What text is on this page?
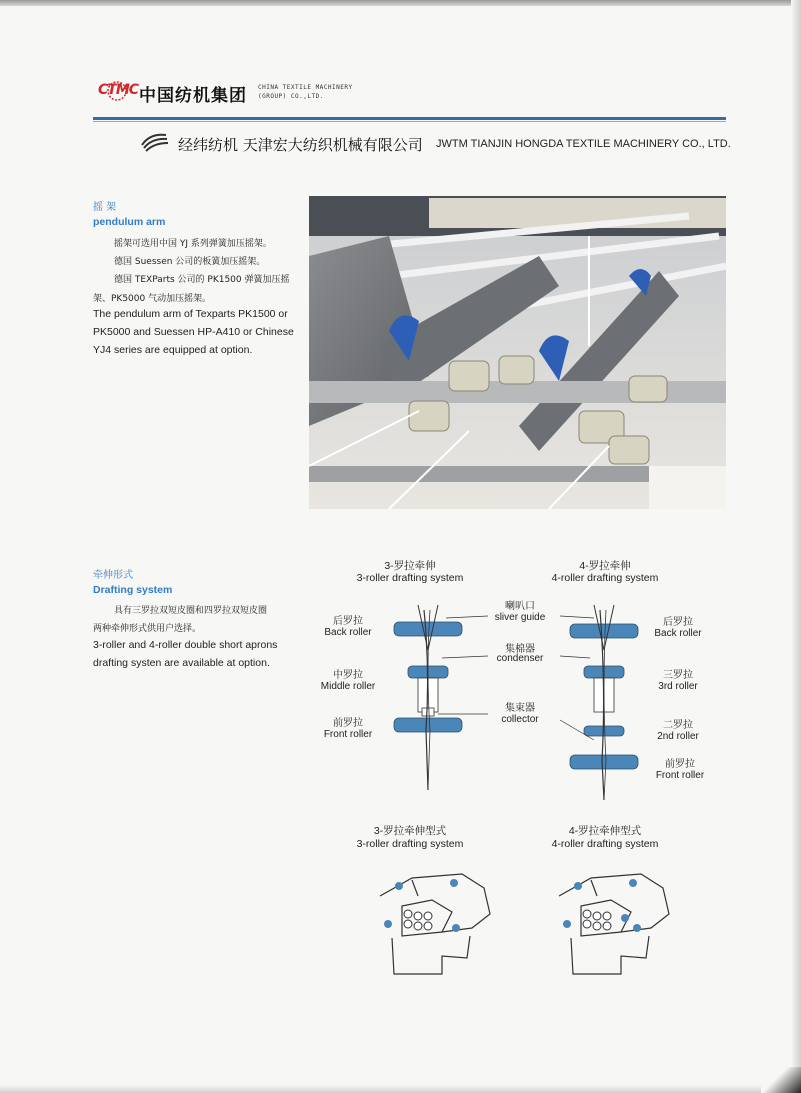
CTMC 中国纺机集团 CHINA TEXTILE MACHINERY
(GROUP) CO.,LTD.
经纬纺机 天津宏大纺织机械有限公司 JWTM TIANJIN HONGDA TEXTILE MACHINERY CO., LTD.
摇 架
pendulum arm
摇架可选用中国 YJ 系列弹簧加压摇架。
德国 Suessen 公司的板簧加压摇架。
德国 TEXParts 公司的 PK1500 弹簧加压摇
架、PK5000 气动加压摇架。
The pendulum arm of Texparts PK1500 or
PK5000 and Suessen HP-A410 or Chinese
YJ4 series are equipped at option.
牵伸形式
Drafting system
具有三罗拉双短皮圈和四罗拉双短皮圈
两种牵伸形式供用户选择。
3-roller and 4-roller double short aprons
drafting systen are available at option.
3-罗拉牵伸
3-roller drafting system
4-罗拉牵伸
4-roller drafting system
后罗拉
Back roller
中罗拉
Middle roller
前罗拉
Front roller
喇叭口
sliver guide
集棉器
condenser
集束器
collector
后罗拉
Back roller
三罗拉
3rd roller
二罗拉
2nd roller
前罗拉
Front roller
3-罗拉牵伸型式
3-roller drafting system
4-罗拉牵伸型式
4-roller drafting system
